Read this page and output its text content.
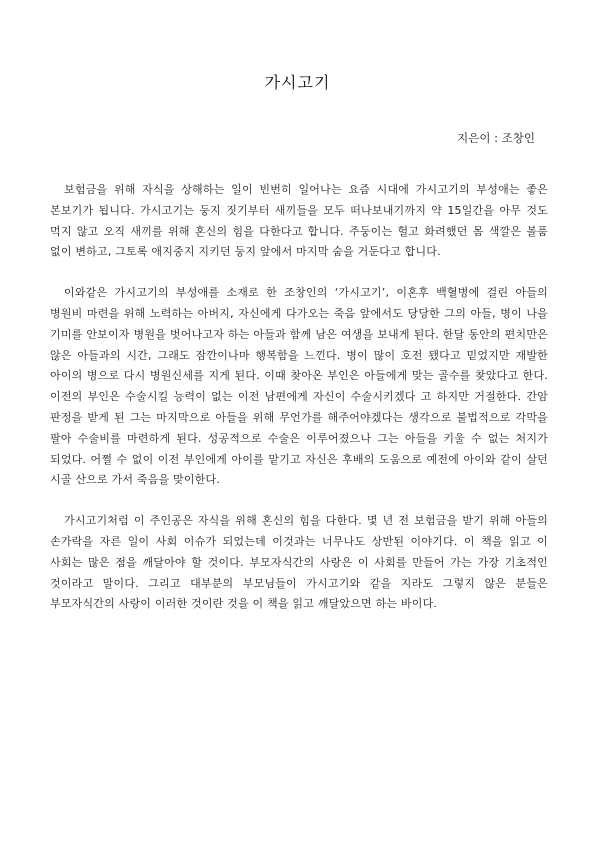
가시고기
지은이 : 조창인

보험금을 위해 자식을 상해하는 일이 빈번히 일어나는 요즘 시대에 가시고기의 부성애는 좋은 본보기가 됩니다. 가시고기는 둥지 짓기부터 새끼들을 모두 떠나보내기까지 약 15일간을 아무 것도 먹지 않고 오직 새끼를 위해 혼신의 힘을 다한다고 합니다. 주둥이는 헐고 화려했던 몸 색깔은 볼품 없이 변하고, 그토록 애지중지 지키던 둥지 앞에서 마지막 숨을 거둔다고 합니다.

이와같은 가시고기의 부성애를 소재로 한 조창인의 ‘가시고기’, 이혼후 백혈병에 걸린 아들의 병원비 마련을 위해 노력하는 아버지, 자신에게 다가오는 죽음 앞에서도 당당한 그의 아들, 병이 나을 기미를 안보이자 병원을 벗어나고자 하는 아들과 함께 남은 여생을 보내게 된다. 한달 동안의 편치만은 않은 아들과의 시간, 그래도 잠깐이나마 행복함을 느낀다. 병이 많이 호전 됐다고 믿었지만 재발한 아이의 병으로 다시 병원신세를 지게 된다. 이때 찾아온 부인은 아들에게 맞는 골수를 찾았다고 한다. 이전의 부인은 수술시킬 능력이 없는 이전 남편에게 자신이 수술시키겠다 고 하지만 거절한다. 간암 판정을 받게 된 그는 마지막으로 아들을 위해 무언가를 해주어야겠다는 생각으로 불법적으로 각막을 팔아 수술비를 마련하게 된다. 성공적으로 수술은 이루어졌으나 그는 아들을 키울 수 없는 처지가 되었다. 어쩔 수 없이 이전 부인에게 아이를 맡기고 자신은 후배의 도움으로 예전에 아이와 같이 살던 시골 산으로 가서 죽음을 맞이한다.

가시고기처럼 이 주인공은 자식을 위해 혼신의 힘을 다한다. 몇 년 전 보험금을 받기 위해 아들의 손가락을 자른 일이 사회 이슈가 되었는데 이것과는 너무나도 상반된 이야기다. 이 책을 읽고 이 사회는 많은 점을 깨달아야 할 것이다. 부모자식간의 사랑은 이 사회를 만들어 가는 가장 기초적인 것이라고 말이다. 그리고 대부분의 부모님들이 가시고기와 같을 지라도 그렇지 않은 분들은 부모자식간의 사랑이 이러한 것이란 것을 이 책을 읽고 깨달았으면 하는 바이다.
